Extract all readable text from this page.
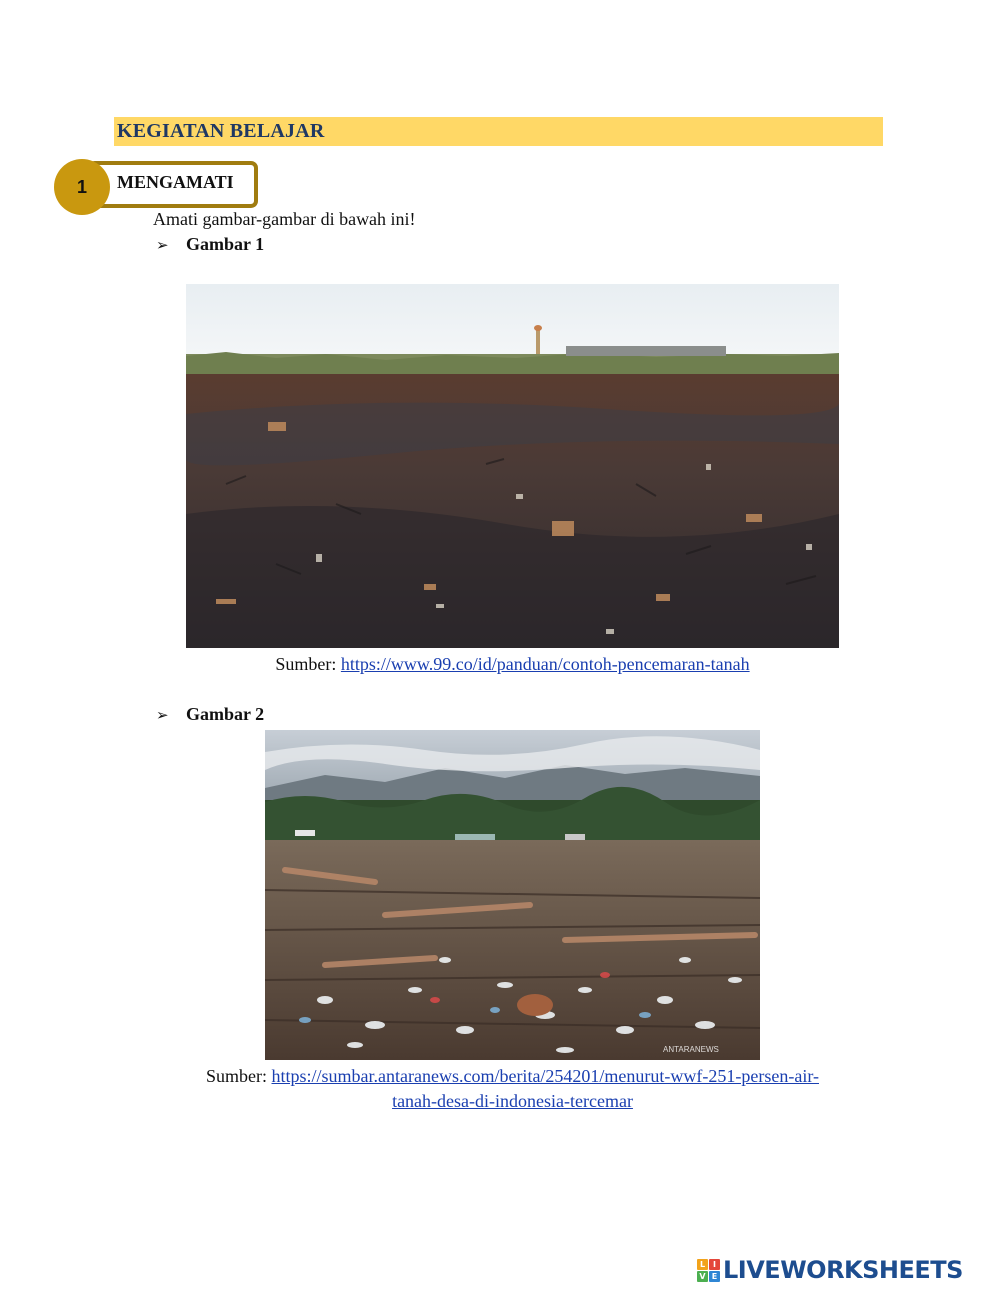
KEGIATAN BELAJAR
MENGAMATI
1
Amati gambar-gambar di bawah ini!
➢ Gambar 1
Sumber: https://www.99.co/id/panduan/contoh-pencemaran-tanah
➢ Gambar 2
ANTARANEWS
Sumber: https://sumbar.antaranews.com/berita/254201/menurut-wwf-251-persen-air-
tanah-desa-di-indonesia-tercemar
L I
V E LIVEWORKSHEETS
